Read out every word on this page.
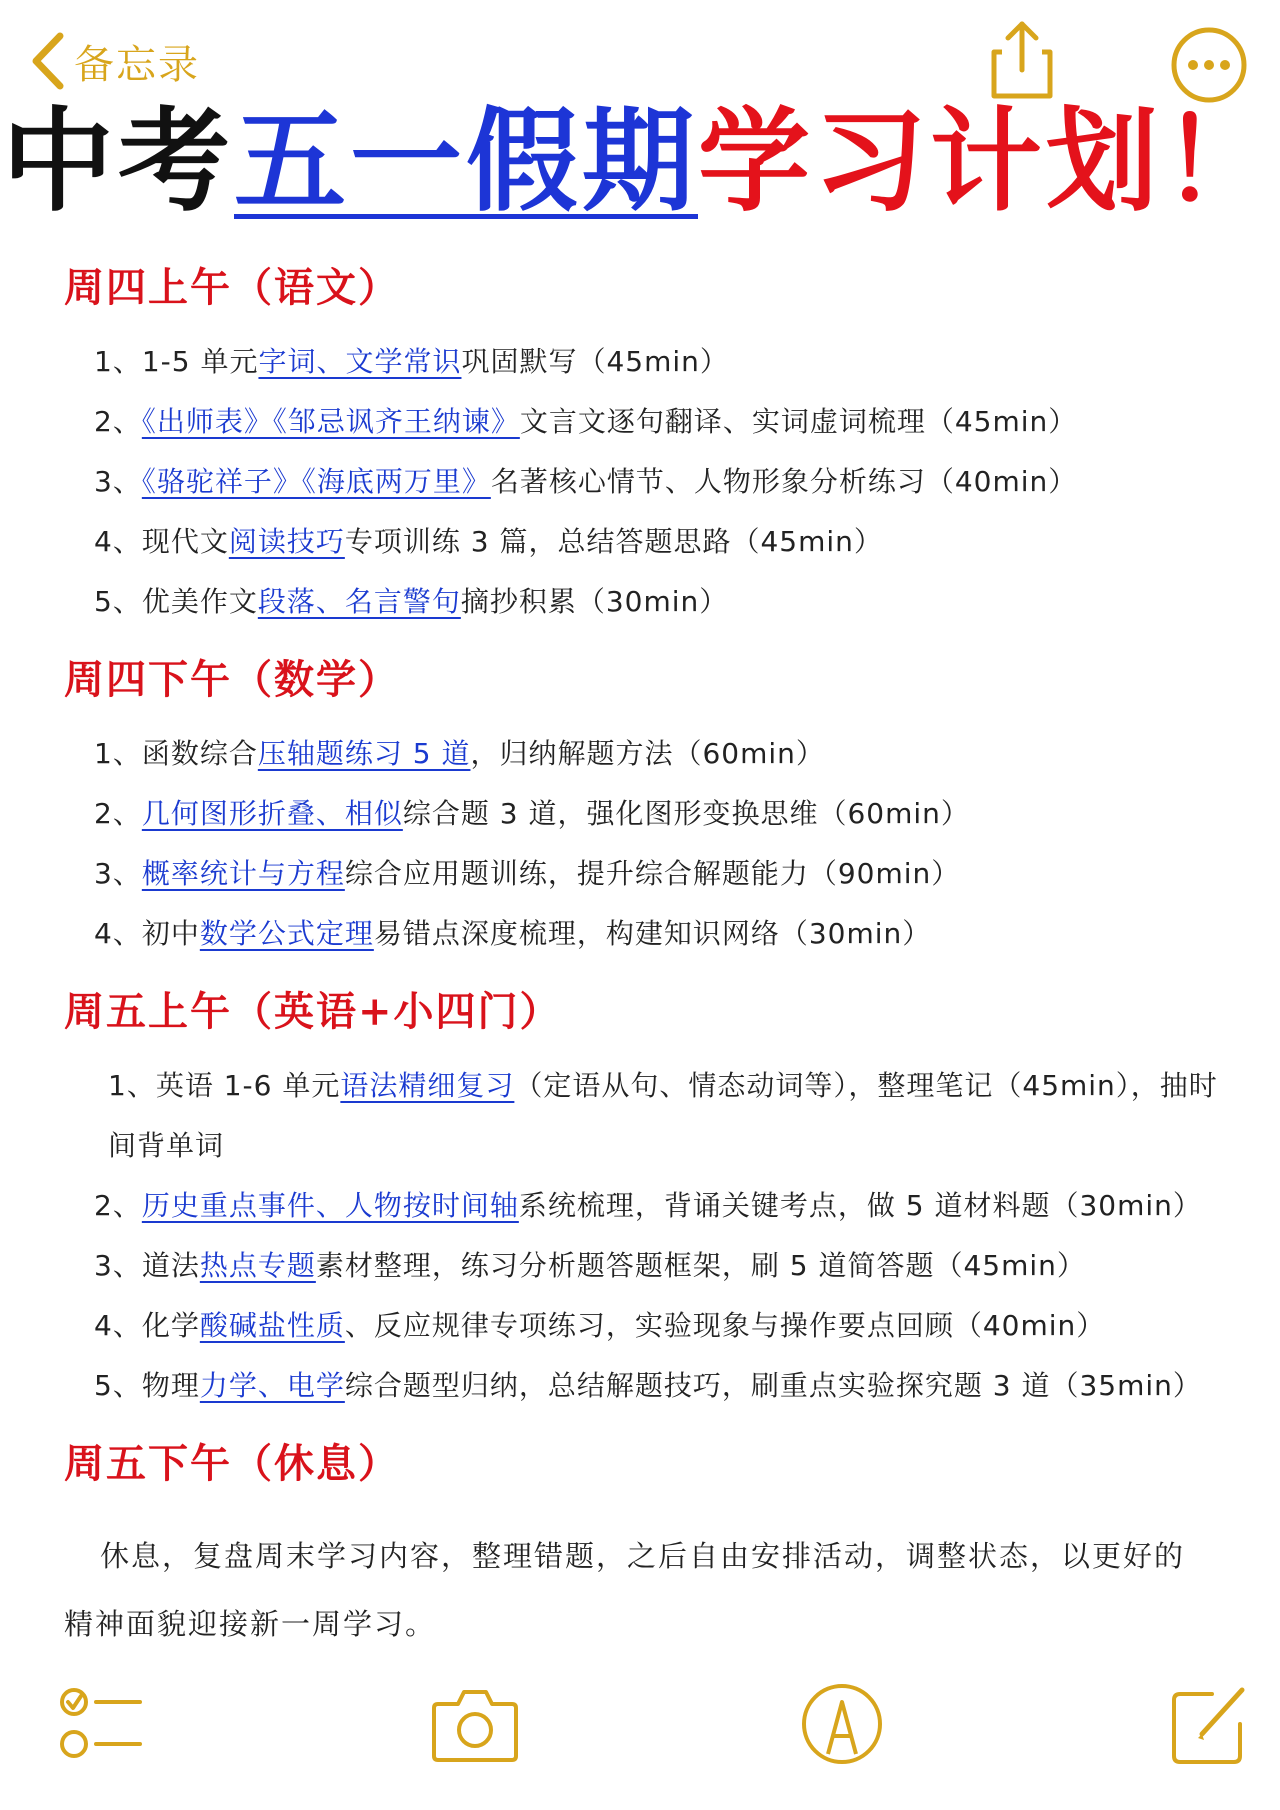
备忘录
中考五一假期学习计划！
周四上午（语文）
1、1-5 单元字词、文学常识巩固默写（45min）
2、《出师表》《邹忌讽齐王纳谏》文言文逐句翻译、实词虚词梳理（45min）
3、《骆驼祥子》《海底两万里》名著核心情节、人物形象分析练习（40min）
4、现代文阅读技巧专项训练 3 篇，总结答题思路（45min）
5、优美作文段落、名言警句摘抄积累（30min）
周四下午（数学）
1、函数综合压轴题练习 5 道，归纳解题方法（60min）
2、几何图形折叠、相似综合题 3 道，强化图形变换思维（60min）
3、概率统计与方程综合应用题训练，提升综合解题能力（90min）
4、初中数学公式定理易错点深度梳理，构建知识网络（30min）
周五上午（英语+小四门）
1、英语 1-6 单元语法精细复习（定语从句、情态动词等），整理笔记（45min），抽时间背单词
2、历史重点事件、人物按时间轴系统梳理，背诵关键考点，做 5 道材料题（30min）
3、道法热点专题素材整理，练习分析题答题框架，刷 5 道简答题（45min）
4、化学酸碱盐性质、反应规律专项练习，实验现象与操作要点回顾（40min）
5、物理力学、电学综合题型归纳，总结解题技巧，刷重点实验探究题 3 道（35min）
周五下午（休息）

休息，复盘周末学习内容，整理错题，之后自由安排活动，调整状态，以更好的精神面貌迎接新一周学习。
